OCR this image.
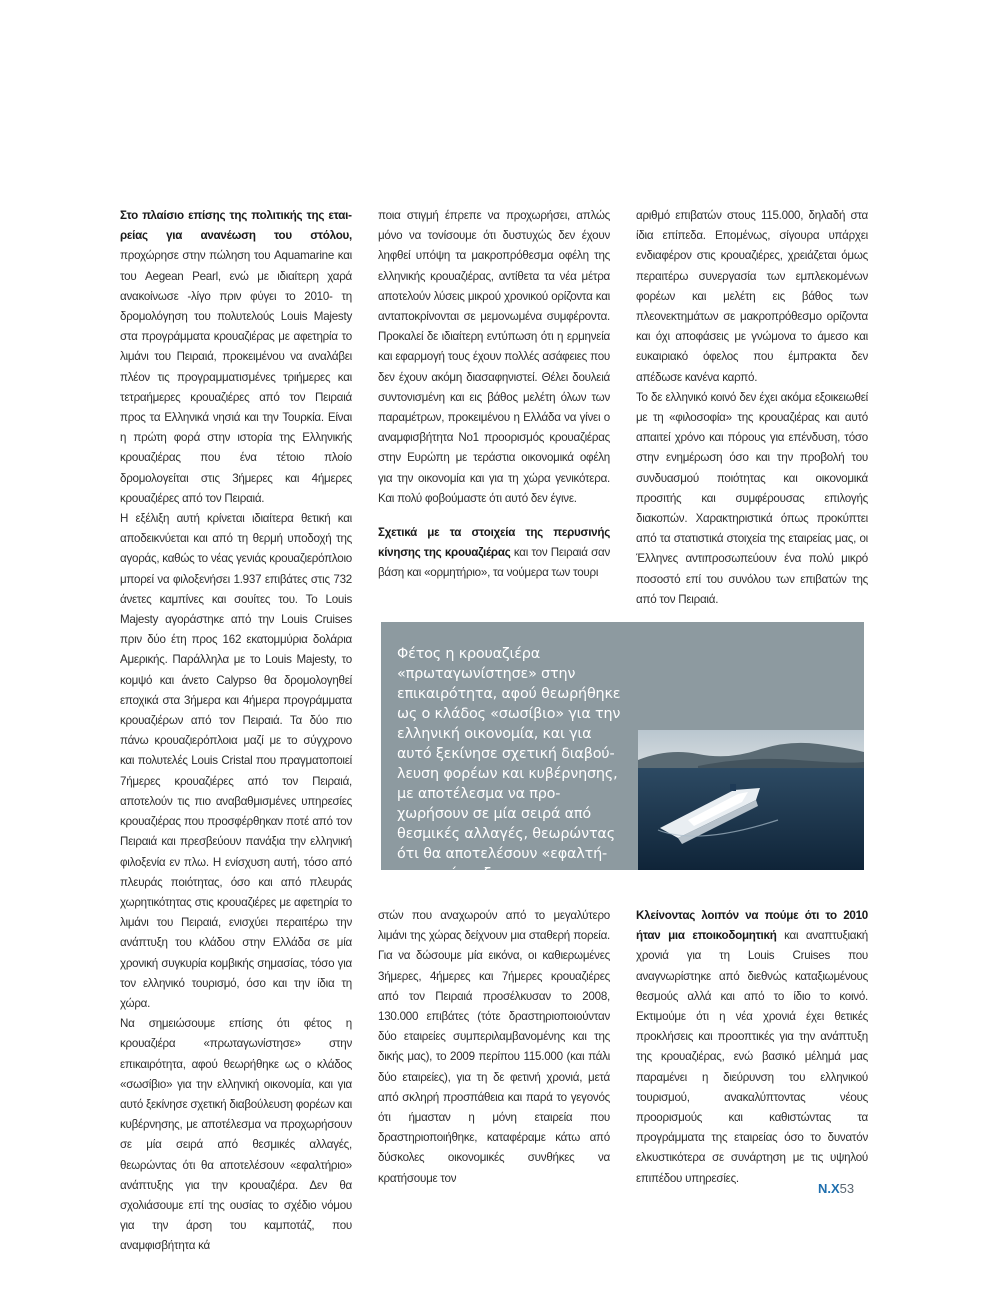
Στο πλαίσιο επίσης της πολιτικής της εταιρείας για ανανέωση του στόλου, προχώρησε στην πώληση του Aquamarine και του Aegean Pearl, ενώ με ιδιαίτερη χαρά ανακοίνωσε -λίγο πριν φύγει το 2010- τη δρομολόγηση του πολυτελούς Louis Majesty στα προγράμματα κρουαζιέρας με αφετηρία το λιμάνι του Πειραιά, προκειμένου να αναλάβει πλέον τις προγραμματισμένες τριήμερες και τετραήμερες κρουαζιέρες από τον Πειραιά προς τα Ελληνικά νησιά και την Τουρκία. Είναι η πρώτη φορά στην ιστορία της Ελληνικής κρουαζιέρας που ένα τέτοιο πλοίο δρομολογείται στις 3ήμερες και 4ήμερες κρουαζιέρες από τον Πειραιά.

Η εξέλιξη αυτή κρίνεται ιδιαίτερα θετική και αποδεικνύεται και από τη θερμή υποδοχή της αγοράς, καθώς το νέας γενιάς κρουαζιερόπλοιο μπορεί να φιλοξενήσει 1.937 επιβάτες στις 732 άνετες καμπίνες και σουίτες του. Το Louis Majesty αγοράστηκε από την Louis Cruises πριν δύο έτη προς 162 εκατομμύρια δολάρια Αμερικής. Παράλληλα με το Louis Majesty, το κομψό και άνετο Calypso θα δρομολογηθεί εποχικά στα 3ήμερα και 4ήμερα προγράμματα κρουαζιέρων από τον Πειραιά. Τα δύο πιο πάνω κρουαζιερόπλοια μαζί με το σύγχρονο και πολυτελές Louis Cristal που πραγματοποιεί 7ήμερες κρουαζιέρες από τον Πειραιά, αποτελούν τις πιο αναβαθμισμένες υπηρεσίες κρουαζιέρας που προσφέρθηκαν ποτέ από τον Πειραιά και πρεσβεύουν πανάξια την ελληνική φιλοξενία εν πλω. Η ενίσχυση αυτή, τόσο από πλευράς ποιότητας, όσο και από πλευράς χωρητικότητας στις κρουαζιέρες με αφετηρία το λιμάνι του Πειραιά, ενισχύει περαιτέρω την ανάπτυξη του κλάδου στην Ελλάδα σε μία χρονική συγκυρία κομβικής σημασίας, τόσο για τον ελληνικό τουρισμό, όσο και την ίδια τη χώρα.

Να σημειώσουμε επίσης ότι φέτος η κρουαζιέρα «πρωταγωνίστησε» στην επικαιρότητα, αφού θεωρήθηκε ως ο κλάδος «σωσίβιο» για την ελληνική οικονομία, και για αυτό ξεκίνησε σχετική διαβούλευση φορέων και κυβέρνησης, με αποτέλεσμα να προχωρήσουν σε μία σειρά από θεσμικές αλλαγές, θεωρώντας ότι θα αποτελέσουν «εφαλτήριο» ανάπτυξης για την κρουαζιέρα. Δεν θα σχολιάσουμε επί της ουσίας το σχέδιο νόμου για την άρση του καμποτάζ, που αναμφισβήτητα κά

ποια στιγμή έπρεπε να προχωρήσει, απλώς μόνο να τονίσουμε ότι δυστυχώς δεν έχουν ληφθεί υπόψη τα μακροπρόθεσμα οφέλη της ελληνικής κρουαζιέρας, αντίθετα τα νέα μέτρα αποτελούν λύσεις μικρού χρονικού ορίζοντα και ανταποκρίνονται σε μεμονωμένα συμφέροντα. Προκαλεί δε ιδιαίτερη εντύπωση ότι η ερμηνεία και εφαρμογή τους έχουν πολλές ασάφειες που δεν έχουν ακόμη διασαφηνιστεί. Θέλει δουλειά συντονισμένη και εις βάθος μελέτη όλων των παραμέτρων, προκειμένου η Ελλάδα να γίνει ο αναμφισβήτητα Νο1 προορισμός κρουαζιέρας στην Ευρώπη με τεράστια οικονομικά οφέλη για την οικονομία και για τη χώρα γενικότερα. Και πολύ φοβούμαστε ότι αυτό δεν έγινε.

Σχετικά με τα στοιχεία της περυσινής κίνησης της κρουαζιέρας και τον Πειραιά σαν βάση και «ορμητήριο», τα νούμερα των τουρι

αριθμό επιβατών στους 115.000, δηλαδή στα ίδια επίπεδα. Επομένως, σίγουρα υπάρχει ενδιαφέρον στις κρουαζιέρες, χρειάζεται όμως περαιτέρω συνεργασία των εμπλεκομένων φορέων και μελέτη εις βάθος των πλεονεκτημάτων σε μακροπρόθεσμο ορίζοντα και όχι αποφάσεις με γνώμονα το άμεσο και ευκαιριακό όφελος που έμπρακτα δεν απέδωσε κανένα καρπό.

Το δε ελληνικό κοινό δεν έχει ακόμα εξοικειωθεί με τη «φιλοσοφία» της κρουαζιέρας και αυτό απαιτεί χρόνο και πόρους για επένδυση, τόσο στην ενημέρωση όσο και την προβολή του συνδυασμού ποιότητας και οικονομικά προσιτής και συμφέρουσας επιλογής διακοπών. Χαρακτηριστικά όπως προκύπτει από τα στατιστικά στοιχεία της εταιρείας μας, οι Έλληνες αντιπροσωπεύουν ένα πολύ μικρό ποσοστό επί του συνόλου των επιβατών της από τον Πειραιά.

Φέτος η κρουαζιέρα «πρωταγωνίστησε» στην επικαιρότητα, αφού θεωρήθηκε ως ο κλάδος «σωσίβιο» για την ελληνική οικονομία, και για αυτό ξεκίνησε σχετική διαβούλευση φορέων και κυβέρνησης, με αποτέλεσμα να προχωρήσουν σε μία σειρά από θεσμικές αλλαγές, θεωρώντας ότι θα αποτελέσουν «εφαλτήριο» ανάπτυξης για την κρουαζιέρα.

στών που αναχωρούν από το μεγαλύτερο λιμάνι της χώρας δείχνουν μια σταθερή πορεία. Για να δώσουμε μία εικόνα, οι καθιερωμένες 3ήμερες, 4ήμερες και 7ήμερες κρουαζιέρες από τον Πειραιά προσέλκυσαν το 2008, 130.000 επιβάτες (τότε δραστηριοποιούνταν δύο εταιρείες συμπεριλαμβανομένης και της δικής μας), το 2009 περίπου 115.000 (και πάλι δύο εταιρείες), για τη δε φετινή χρονιά, μετά από σκληρή προσπάθεια και παρά το γεγονός ότι ήμασταν η μόνη εταιρεία που δραστηριοποιήθηκε, καταφέραμε κάτω από δύσκολες οικονομικές συνθήκες να κρατήσουμε τον

Κλείνοντας λοιπόν να πούμε ότι το 2010 ήταν μια εποικοδομητική και αναπτυξιακή χρονιά για τη Louis Cruises που αναγνωρίστηκε από διεθνώς καταξιωμένους θεσμούς αλλά και από το ίδιο το κοινό. Εκτιμούμε ότι η νέα χρονιά έχει θετικές προκλήσεις και προοπτικές για την ανάπτυξη της κρουαζιέρας, ενώ βασικό μέλημά μας παραμένει η διεύρυνση του ελληνικού τουρισμού, ανακαλύπτοντας νέους προορισμούς και καθιστώντας τα προγράμματα της εταιρείας όσο το δυνατόν ελκυστικότερα σε συνάρτηση με τις υψηλού επιπέδου υπηρεσίες.

N.X53
